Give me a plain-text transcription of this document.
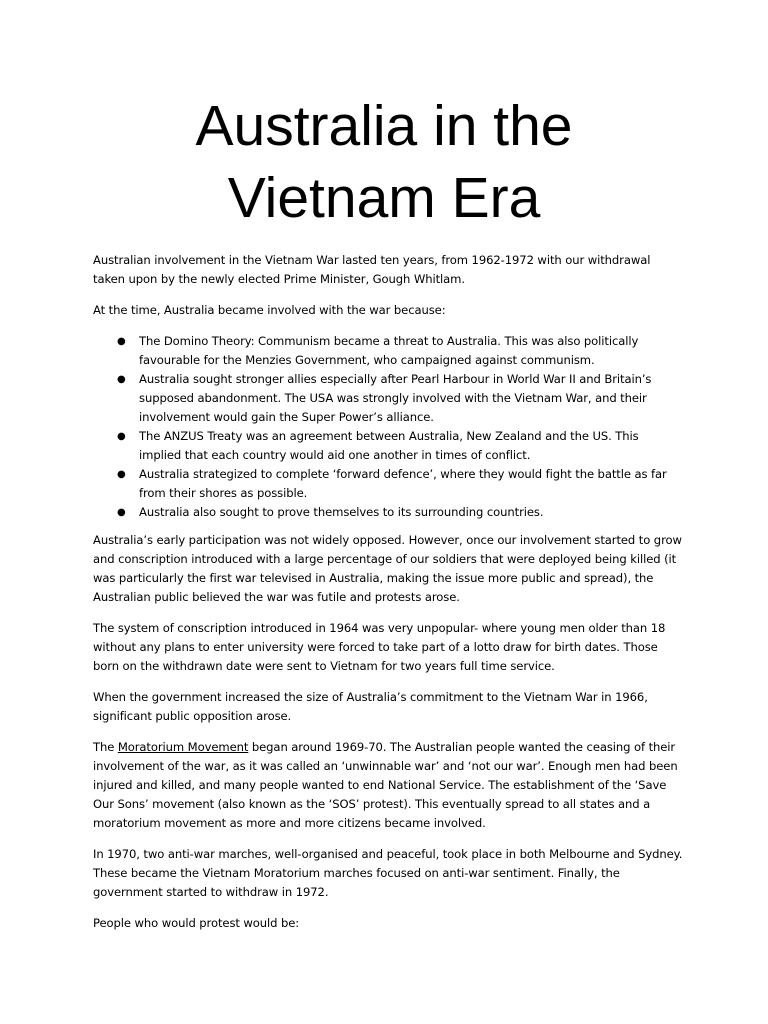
Australia in the
Vietnam Era

Australian involvement in the Vietnam War lasted ten years, from 1962-1972 with our withdrawal taken upon by the newly elected Prime Minister, Gough Whitlam.

At the time, Australia became involved with the war because:

● The Domino Theory: Communism became a threat to Australia. This was also politically favourable for the Menzies Government, who campaigned against communism.
● Australia sought stronger allies especially after Pearl Harbour in World War II and Britain’s supposed abandonment. The USA was strongly involved with the Vietnam War, and their involvement would gain the Super Power’s alliance.
● The ANZUS Treaty was an agreement between Australia, New Zealand and the US. This implied that each country would aid one another in times of conflict.
● Australia strategized to complete ‘forward defence’, where they would fight the battle as far from their shores as possible.
● Australia also sought to prove themselves to its surrounding countries.

Australia’s early participation was not widely opposed. However, once our involvement started to grow and conscription introduced with a large percentage of our soldiers that were deployed being killed (it was particularly the first war televised in Australia, making the issue more public and spread), the Australian public believed the war was futile and protests arose.

The system of conscription introduced in 1964 was very unpopular- where young men older than 18 without any plans to enter university were forced to take part of a lotto draw for birth dates. Those born on the withdrawn date were sent to Vietnam for two years full time service.

When the government increased the size of Australia’s commitment to the Vietnam War in 1966, significant public opposition arose.

The Moratorium Movement began around 1969-70. The Australian people wanted the ceasing of their involvement of the war, as it was called an ‘unwinnable war’ and ‘not our war’. Enough men had been injured and killed, and many people wanted to end National Service. The establishment of the ‘Save Our Sons’ movement (also known as the ‘SOS’ protest). This eventually spread to all states and a moratorium movement as more and more citizens became involved.

In 1970, two anti-war marches, well-organised and peaceful, took place in both Melbourne and Sydney. These became the Vietnam Moratorium marches focused on anti-war sentiment. Finally, the government started to withdraw in 1972.

People who would protest would be:
